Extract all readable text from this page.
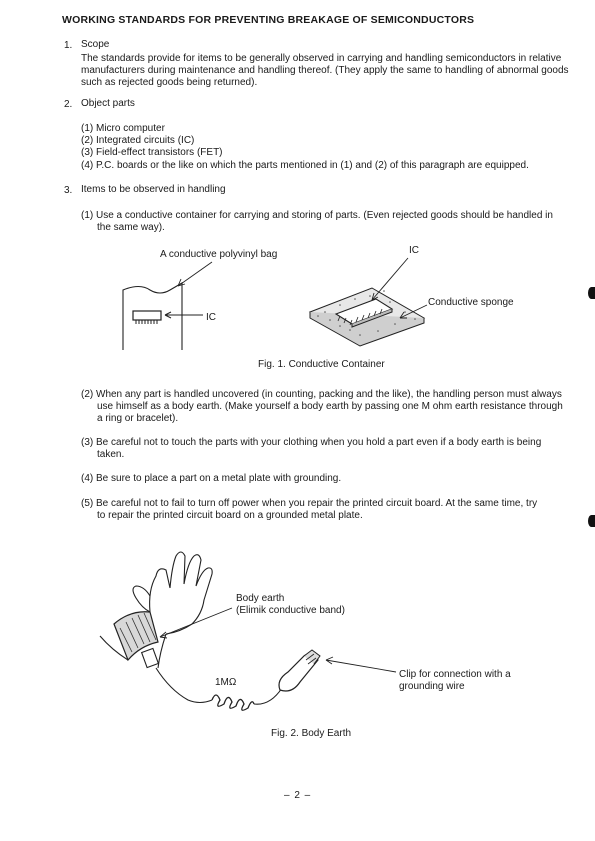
WORKING STANDARDS FOR PREVENTING BREAKAGE OF SEMICONDUCTORS
1. Scope
The standards provide for items to be generally observed in carrying and handling semiconductors in relative
manufacturers during maintenance and handling thereof. (They apply the same to handling of abnormal goods
such as rejected goods being returned).
2. Object parts
(1) Micro computer
(2) Integrated circuits (IC)
(3) Field-effect transistors (FET)
(4) P.C. boards or the like on which the parts mentioned in (1) and (2) of this paragraph are equipped.
3. Items to be observed in handling
(1) Use a conductive container for carrying and storing of parts. (Even rejected goods should be handled in
the same way).
A conductive polyvinyl bag	IC
IC
Conductive sponge
Fig. 1. Conductive Container
(2) When any part is handled uncovered (in counting, packing and the like), the handling person must always
use himself as a body earth. (Make yourself a body earth by passing one M ohm earth resistance through
a ring or bracelet).
(3) Be careful not to touch the parts with your clothing when you hold a part even if a body earth is being
taken.
(4) Be sure to place a part on a metal plate with grounding.
(5) Be careful not to fail to turn off power when you repair the printed circuit board. At the same time, try
to repair the printed circuit board on a grounded metal plate.
Body earth
(Elimik conductive band)
1MΩ
Clip for connection with a
grounding wire
Fig. 2. Body Earth
– 2 –
